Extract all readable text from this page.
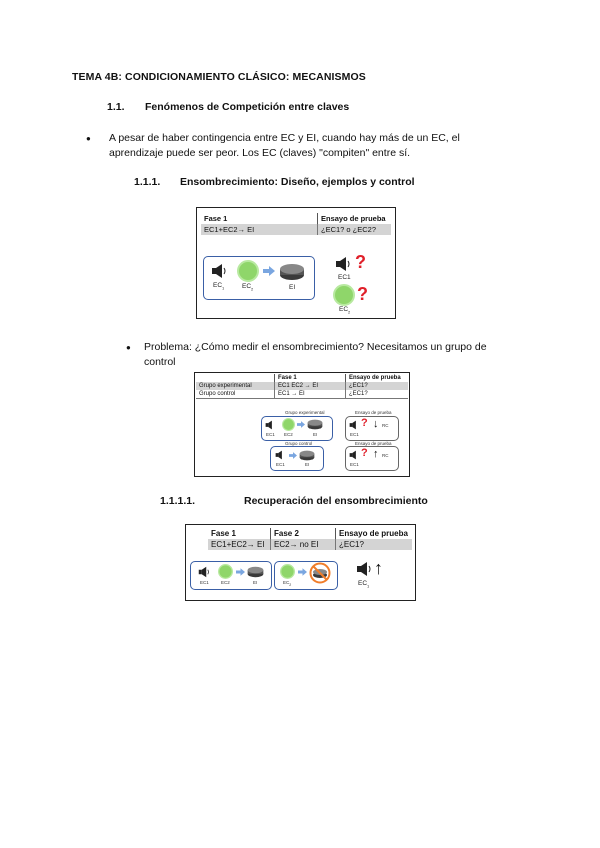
TEMA 4B: CONDICIONAMIENTO CLÁSICO: MECANISMOS
1.1. Fenómenos de Competición entre claves
● A pesar de haber contingencia entre EC y EI, cuando hay más de un EC, el aprendizaje puede ser peor. Los EC (claves) "compiten" entre sí.
1.1.1. Ensombrecimiento: Diseño, ejemplos y control
Fase 1	Ensayo de prueba
EC1+EC2→ EI	¿EC1? o ¿EC2?
$EC_1$	$EC_2$	EI
?
EC1
?
$EC_2$
● Problema: ¿Cómo medir el ensombrecimiento? Necesitamos un grupo de control
	Fase 1	Ensayo de prueba
Grupo experimental	EC1 EC2 → EI	¿EC1?
Grupo control	EC1 → EI	¿EC1?
Grupo experimental
EC1 EC2	EI
Grupo control
EC1	EI
Ensayo de prueba
? ↓ RC
EC1
Ensayo de prueba
? ↑ RC
EC1
1.1.1.1.	Recuperación del ensombrecimiento
Fase 1	Fase 2	Ensayo de prueba
EC1+EC2→ EI	EC2→ no EI	¿EC1?
EC1	EC2	EI	$EC_2$
↑
$EC_1$
